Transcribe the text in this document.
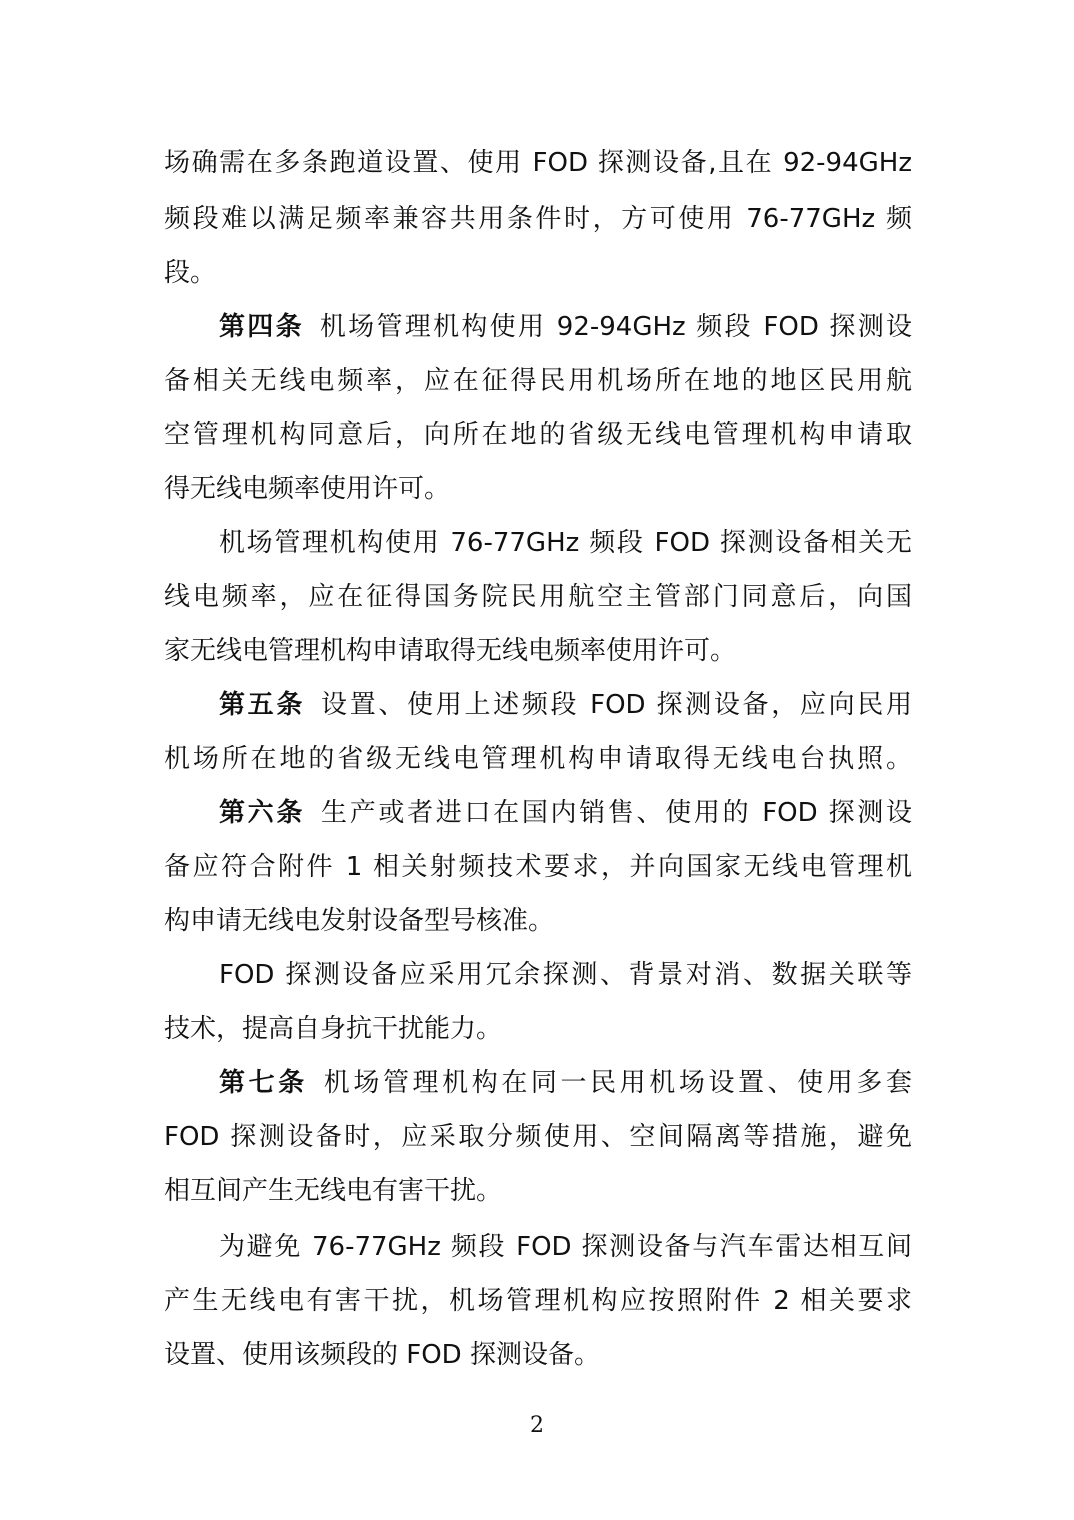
场确需在多条跑道设置、使用 FOD 探测设备,且在 92-94GHz
频段难以满足频率兼容共用条件时，方可使用 76-77GHz 频
段。
第四条 机场管理机构使用 92-94GHz 频段 FOD 探测设
备相关无线电频率，应在征得民用机场所在地的地区民用航
空管理机构同意后，向所在地的省级无线电管理机构申请取
得无线电频率使用许可。
机场管理机构使用 76-77GHz 频段 FOD 探测设备相关无
线电频率，应在征得国务院民用航空主管部门同意后，向国
家无线电管理机构申请取得无线电频率使用许可。
第五条 设置、使用上述频段 FOD 探测设备，应向民用
机场所在地的省级无线电管理机构申请取得无线电台执照。
第六条 生产或者进口在国内销售、使用的 FOD 探测设
备应符合附件 1 相关射频技术要求，并向国家无线电管理机
构申请无线电发射设备型号核准。
FOD 探测设备应采用冗余探测、背景对消、数据关联等
技术，提高自身抗干扰能力。
第七条 机场管理机构在同一民用机场设置、使用多套
FOD 探测设备时，应采取分频使用、空间隔离等措施，避免
相互间产生无线电有害干扰。
为避免 76-77GHz 频段 FOD 探测设备与汽车雷达相互间
产生无线电有害干扰，机场管理机构应按照附件 2 相关要求
设置、使用该频段的 FOD 探测设备。
2
